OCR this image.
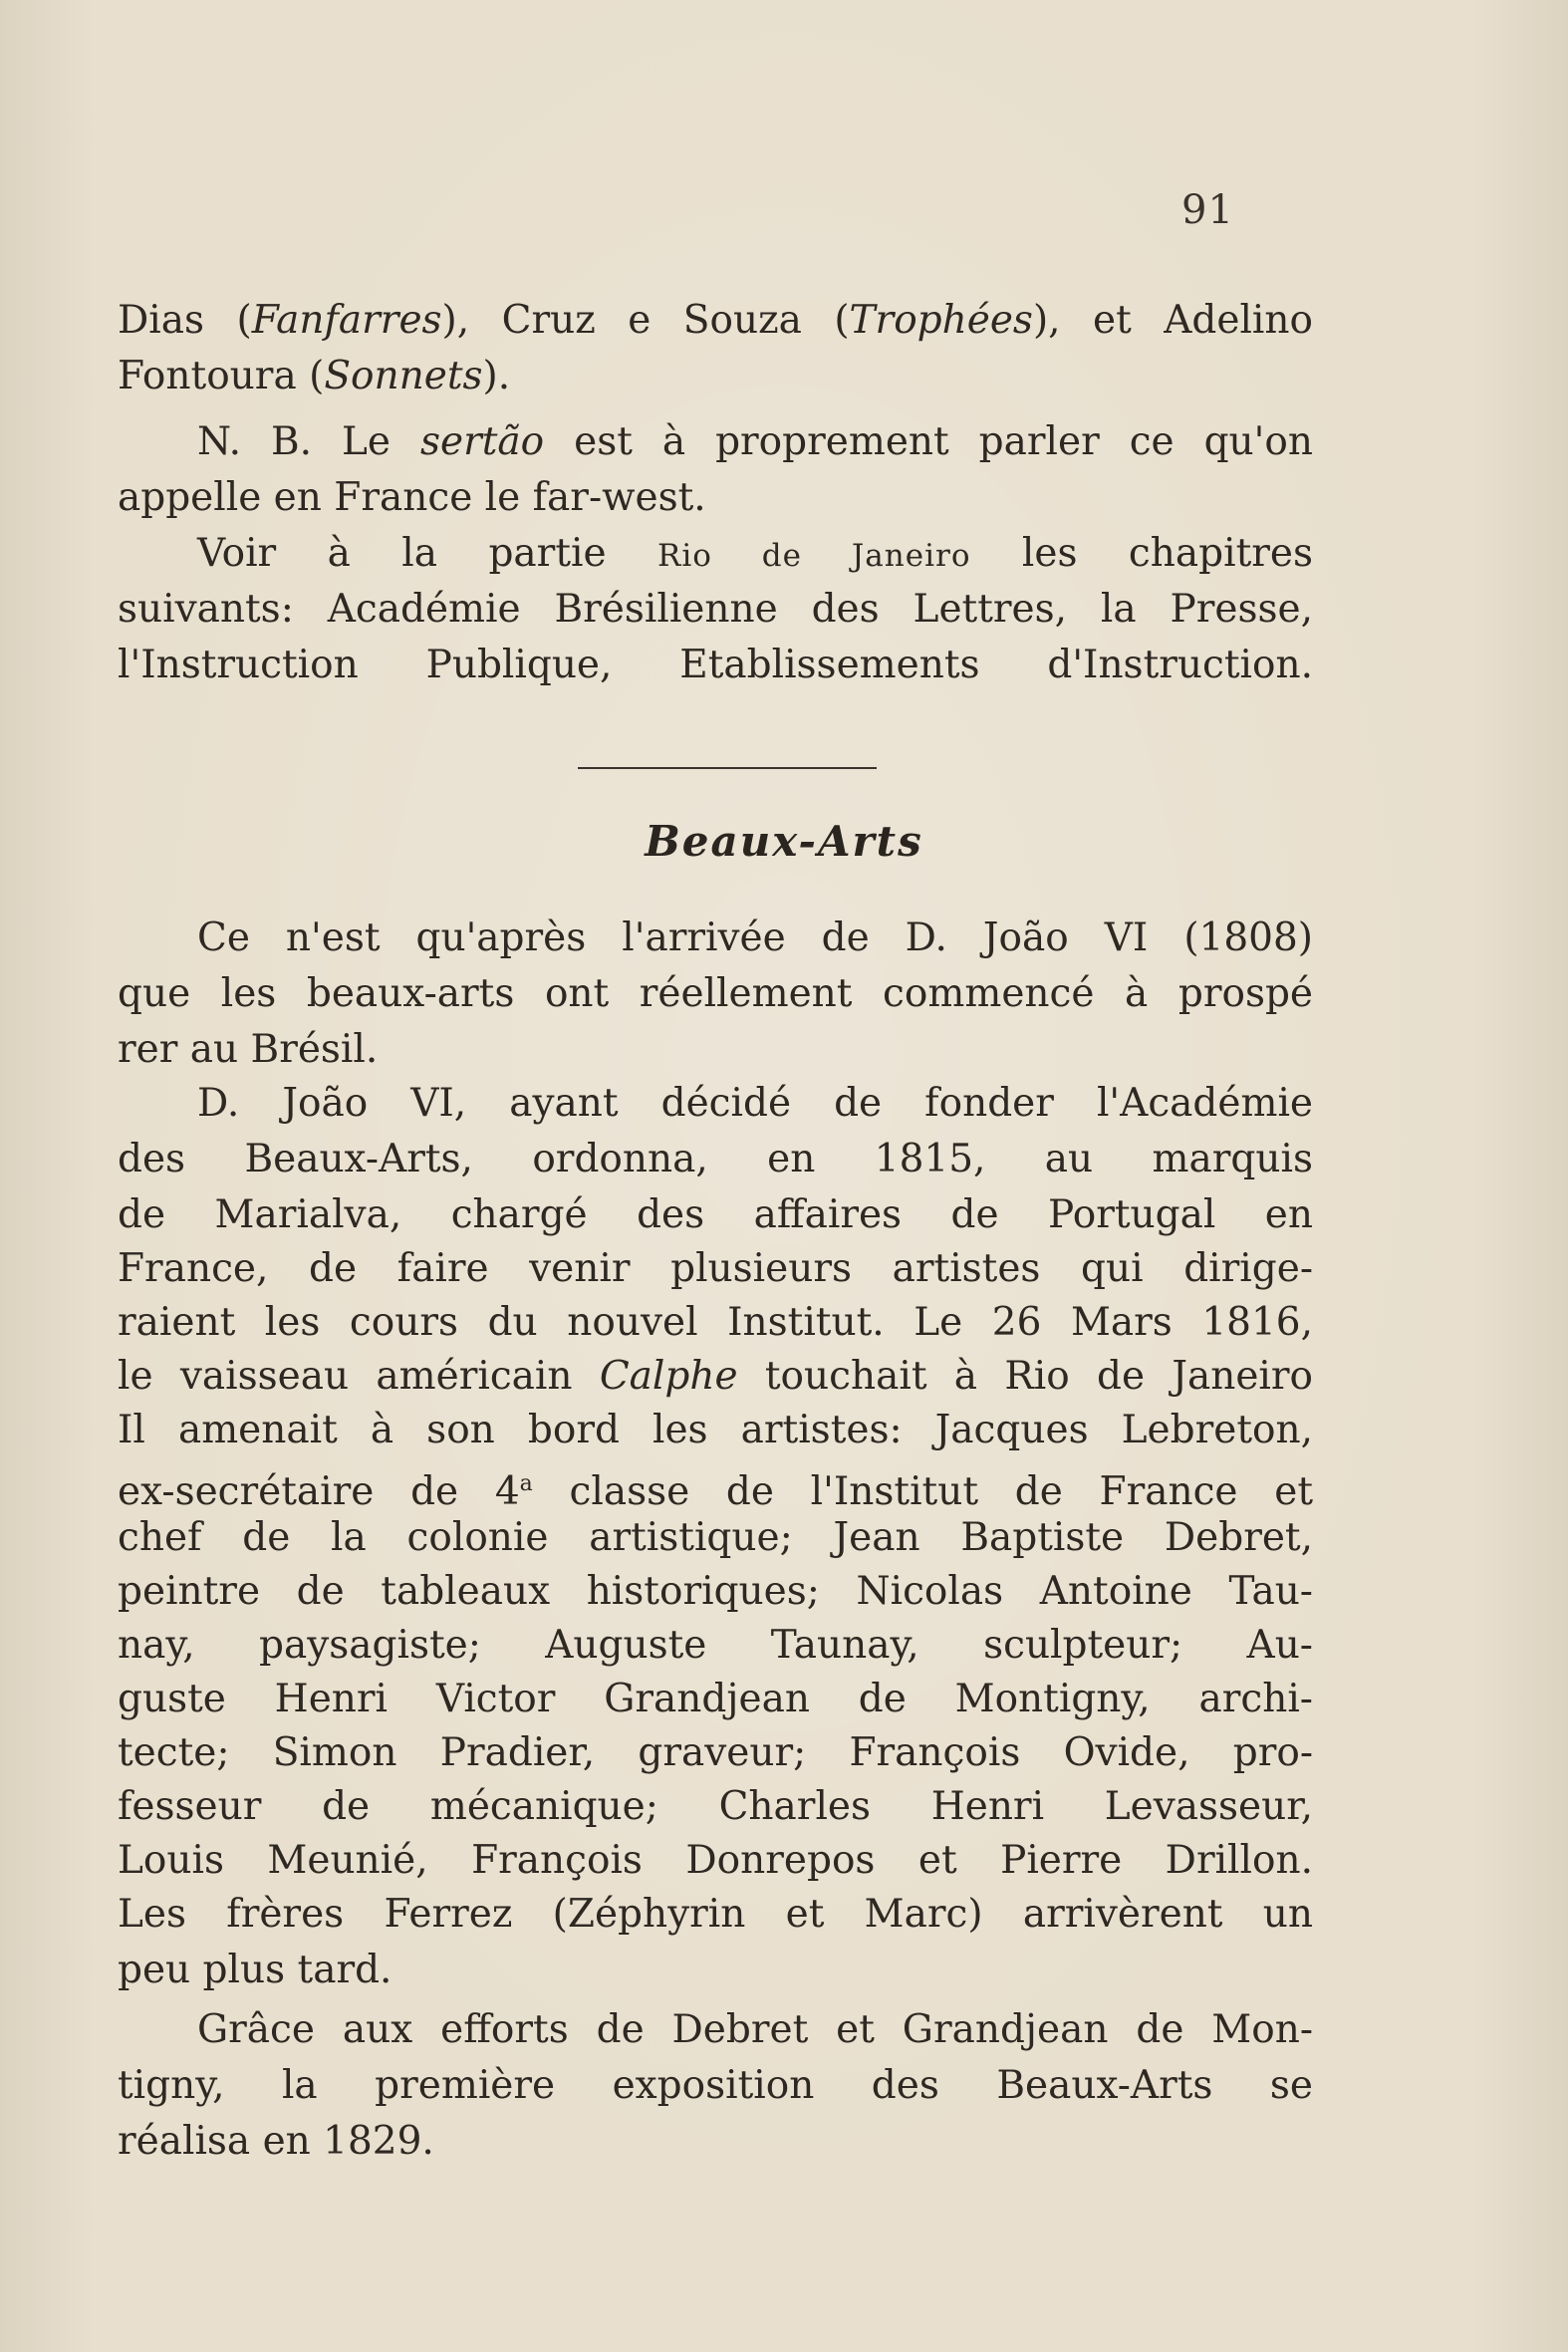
91
Dias (Fanfarres), Cruz e Souza (Trophées), et Adelino
Fontoura (Sonnets).
N. B. Le sertão est à proprement parler ce qu'on
appelle en France le far-west.
Voir à la partie Rio de Janeiro les chapitres
suivants: Académie Brésilienne des Lettres, la Presse,
l'Instruction Publique, Etablissements d'Instruction.
Beaux-Arts
Ce n'est qu'après l'arrivée de D. João VI (1808)
que les beaux-arts ont réellement commencé à prospé
rer au Brésil.
D. João VI, ayant décidé de fonder l'Académie
des Beaux-Arts, ordonna, en 1815, au marquis
de Marialva, chargé des affaires de Portugal en
France, de faire venir plusieurs artistes qui dirige-
raient les cours du nouvel Institut. Le 26 Mars 1816,
le vaisseau américain Calphe touchait à Rio de Janeiro
Il amenait à son bord les artistes: Jacques Lebreton,
ex-secrétaire de 4$^a$ classe de l'Institut de France et
chef de la colonie artistique; Jean Baptiste Debret,
peintre de tableaux historiques; Nicolas Antoine Tau-
nay, paysagiste; Auguste Taunay, sculpteur; Au-
guste Henri Victor Grandjean de Montigny, archi-
tecte; Simon Pradier, graveur; François Ovide, pro-
fesseur de mécanique; Charles Henri Levasseur,
Louis Meunié, François Donrepos et Pierre Drillon.
Les frères Ferrez (Zéphyrin et Marc) arrivèrent un
peu plus tard.
Grâce aux efforts de Debret et Grandjean de Mon-
tigny, la première exposition des Beaux-Arts se
réalisa en 1829.
